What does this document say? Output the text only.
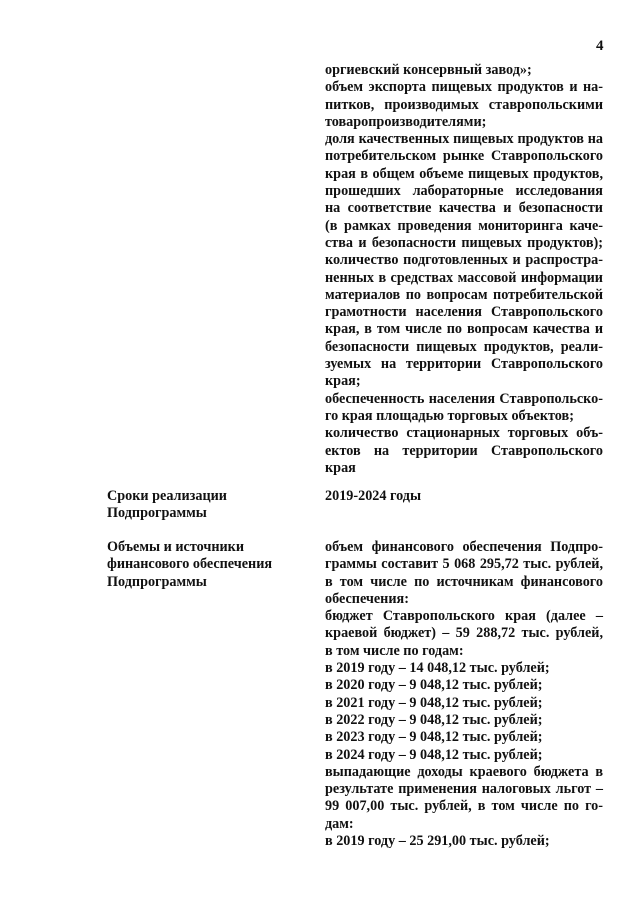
4
оргиевский консервный завод»;
объем экспорта пищевых продуктов и на-
питков, производимых ставропольскими
товаропроизводителями;
доля качественных пищевых продуктов на
потребительском рынке Ставропольского
края в общем объеме пищевых продуктов,
прошедших лабораторные исследования
на соответствие качества и безопасности
(в рамках проведения мониторинга каче-
ства и безопасности пищевых продуктов);
количество подготовленных и распростра-
ненных в средствах массовой информации
материалов по вопросам потребительской
грамотности населения Ставропольского
края, в том числе по вопросам качества и
безопасности пищевых продуктов, реали-
зуемых на территории Ставропольского
края;
обеспеченность населения Ставропольско-
го края площадью торговых объектов;
количество стационарных торговых объ-
ектов на территории Ставропольского
края
Сроки реализации
Подпрограммы
2019-2024 годы
Объемы и источники
финансового обеспечения
Подпрограммы
объем финансового обеспечения Подпро-
граммы составит 5 068 295,72 тыс. рублей,
в том числе по источникам финансового
обеспечения:
бюджет Ставропольского края (далее –
краевой бюджет) – 59 288,72 тыс. рублей,
в том числе по годам:
в 2019 году – 14 048,12 тыс. рублей;
в 2020 году – 9 048,12 тыс. рублей;
в 2021 году – 9 048,12 тыс. рублей;
в 2022 году – 9 048,12 тыс. рублей;
в 2023 году – 9 048,12 тыс. рублей;
в 2024 году – 9 048,12 тыс. рублей;
выпадающие доходы краевого бюджета в
результате применения налоговых льгот –
99 007,00 тыс. рублей, в том числе по го-
дам:
в 2019 году – 25 291,00 тыс. рублей;
